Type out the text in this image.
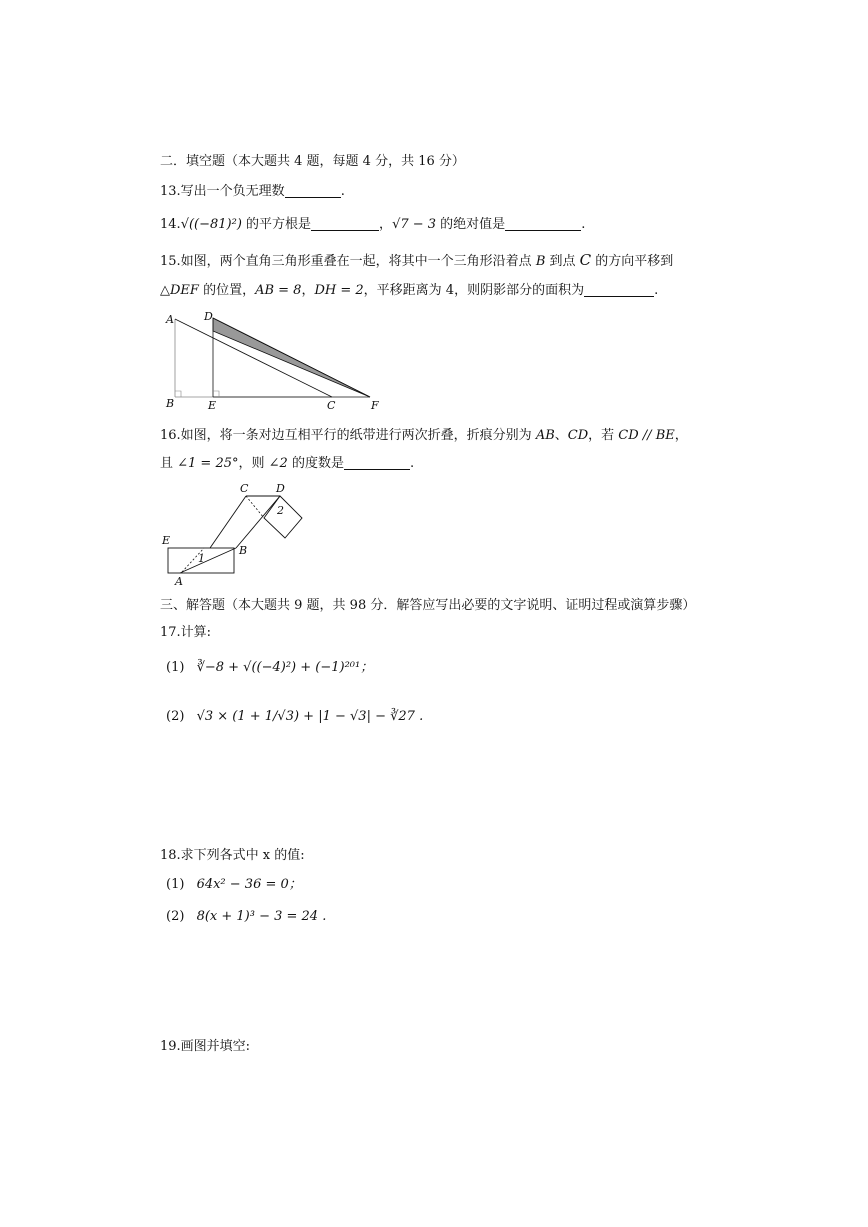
二．填空题（本大题共 4 题，每题 4 分，共 16 分）
13.写出一个负无理数	.
14.√((−81)²) 的平方根是	，√7 − 3 的绝对值是	.
15.如图，两个直角三角形重叠在一起，将其中一个三角形沿着点 B 到点 C 的方向平移到
△DEF 的位置，AB = 8，DH = 2，平移距离为 4，则阴影部分的面积为	.
A	D
B	E	C	F
16.如图，将一条对边互相平行的纸带进行两次折叠，折痕分别为 AB、CD，若 CD // BE，
且 ∠1 = 25°，则 ∠2 的度数是	.
C	D
2
E
B
1
A
三、解答题（本大题共 9 题，共 98 分．解答应写出必要的文字说明、证明过程或演算步骤）
17.计算:
(1) ∛−8 + √((−4)²) + (−1)²⁰¹；
(2) √3 × (1 + 1/√3) + |1 − √3| − ∛27 .
18.求下列各式中 x 的值:
(1) 64x² − 36 = 0；
(2) 8(x + 1)³ − 3 = 24 .
19.画图并填空:
